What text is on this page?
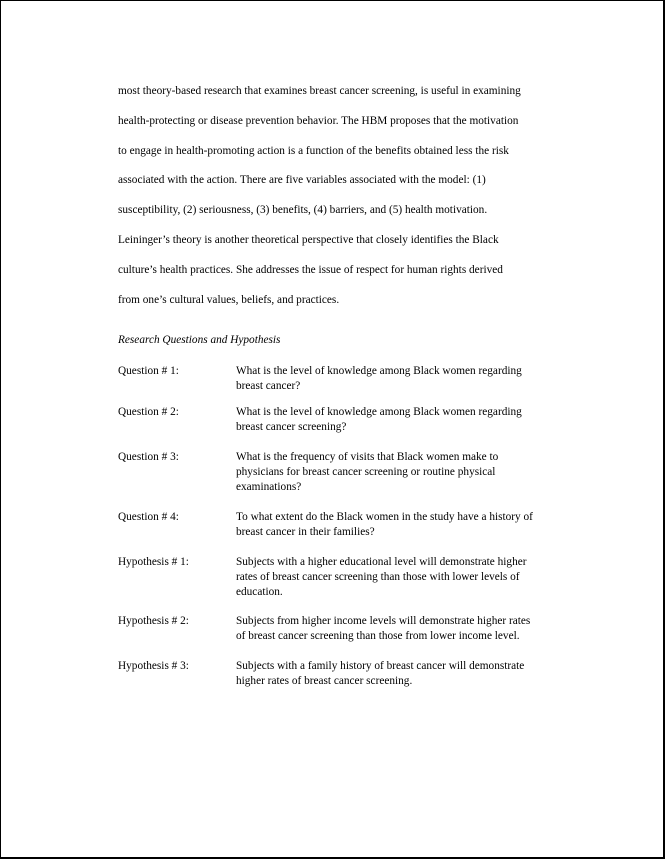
most theory-based research that examines breast cancer screening, is useful in examining
health-protecting or disease prevention behavior. The HBM proposes that the motivation
to engage in health-promoting action is a function of the benefits obtained less the risk
associated with the action. There are five variables associated with the model: (1)
susceptibility, (2) seriousness, (3) benefits, (4) barriers, and (5) health motivation.
Leininger’s theory is another theoretical perspective that closely identifies the Black
culture’s health practices. She addresses the issue of respect for human rights derived
from one’s cultural values, beliefs, and practices.

Research Questions and Hypothesis

Question # 1:	What is the level of knowledge among Black women regarding
breast cancer?
Question # 2:	What is the level of knowledge among Black women regarding
breast cancer screening?
Question # 3:	What is the frequency of visits that Black women make to
physicians for breast cancer screening or routine physical
examinations?
Question # 4:	To what extent do the Black women in the study have a history of
breast cancer in their families?
Hypothesis # 1:	Subjects with a higher educational level will demonstrate higher
rates of breast cancer screening than those with lower levels of
education.
Hypothesis # 2:	Subjects from higher income levels will demonstrate higher rates
of breast cancer screening than those from lower income level.
Hypothesis # 3:	Subjects with a family history of breast cancer will demonstrate
higher rates of breast cancer screening.
